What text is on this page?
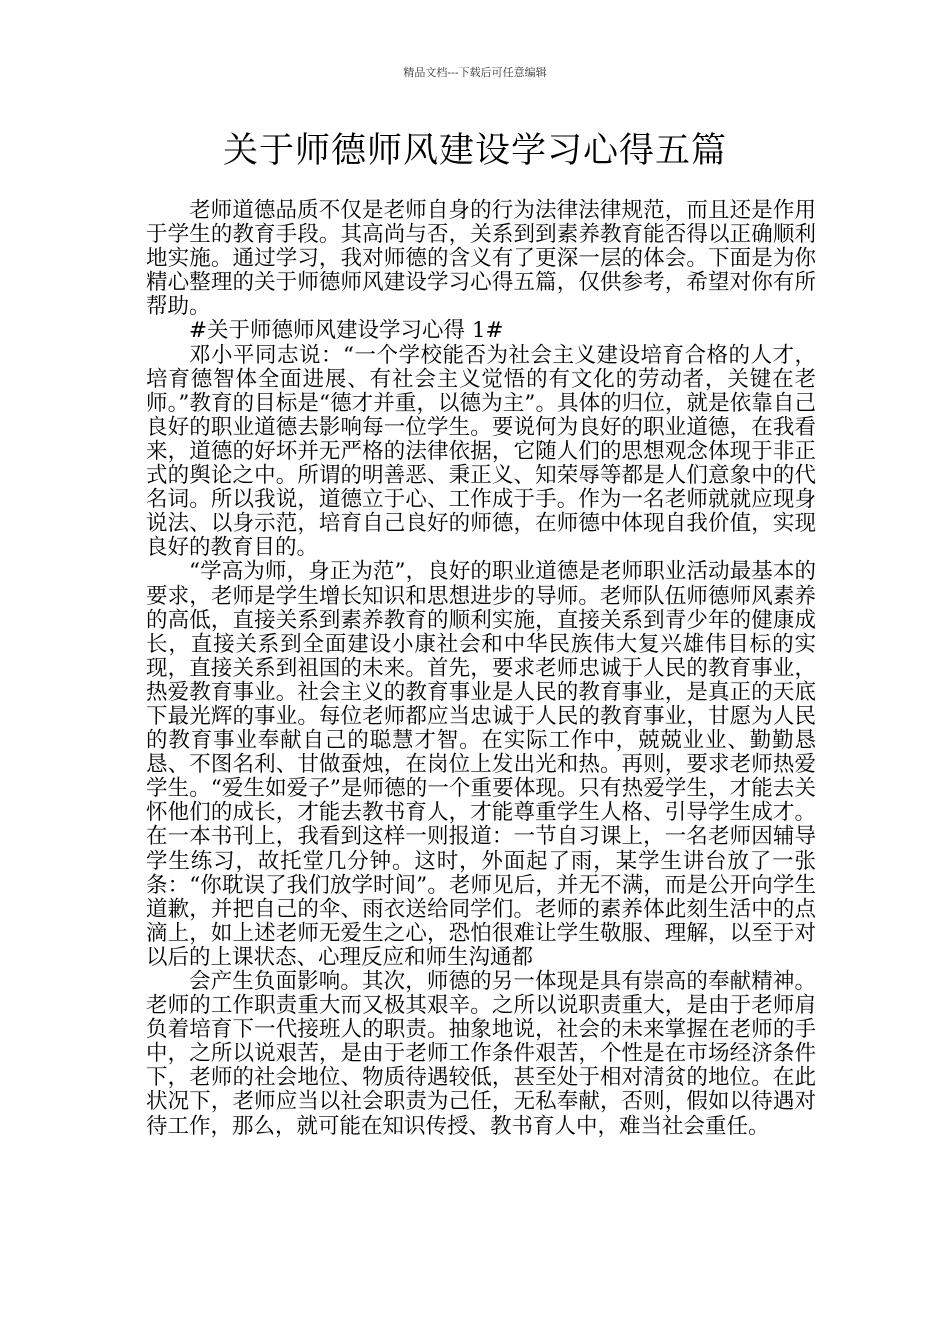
精品文档---下载后可任意编辑
关于师德师风建设学习心得五篇

老师道德品质不仅是老师自身的行为法律法律规范，而且还是作用于学生的教育手段。其高尚与否，关系到到素养教育能否得以正确顺利地实施。通过学习，我对师德的含义有了更深一层的体会。下面是为你精心整理的关于师德师风建设学习心得五篇，仅供参考，希望对你有所帮助。

#关于师德师风建设学习心得 1#

邓小平同志说：“一个学校能否为社会主义建设培育合格的人才，培育德智体全面进展、有社会主义觉悟的有文化的劳动者，关键在老师。”教育的目标是“德才并重，以德为主”。具体的归位，就是依靠自己良好的职业道德去影响每一位学生。要说何为良好的职业道德，在我看来，道德的好坏并无严格的法律依据，它随人们的思想观念体现于非正式的舆论之中。所谓的明善恶、秉正义、知荣辱等都是人们意象中的代名词。所以我说，道德立于心、工作成于手。作为一名老师就就应现身说法、以身示范，培育自己良好的师德，在师德中体现自我价值，实现良好的教育目的。

“学高为师，身正为范”，良好的职业道德是老师职业活动最基本的要求，老师是学生增长知识和思想进步的导师。老师队伍师德师风素养的高低，直接关系到素养教育的顺利实施，直接关系到青少年的健康成长，直接关系到全面建设小康社会和中华民族伟大复兴雄伟目标的实现，直接关系到祖国的未来。首先，要求老师忠诚于人民的教育事业，热爱教育事业。社会主义的教育事业是人民的教育事业，是真正的天底下最光辉的事业。每位老师都应当忠诚于人民的教育事业，甘愿为人民的教育事业奉献自己的聪慧才智。在实际工作中，兢兢业业、勤勤恳恳、不图名利、甘做蚕烛，在岗位上发出光和热。再则，要求老师热爱学生。“爱生如爱子”是师德的一个重要体现。只有热爱学生，才能去关怀他们的成长，才能去教书育人，才能尊重学生人格、引导学生成才。在一本书刊上，我看到这样一则报道：一节自习课上，一名老师因辅导学生练习，故托堂几分钟。这时，外面起了雨，某学生讲台放了一张条：“你耽误了我们放学时间”。老师见后，并无不满，而是公开向学生道歉，并把自己的伞、雨衣送给同学们。老师的素养体此刻生活中的点滴上，如上述老师无爱生之心，恐怕很难让学生敬服、理解，以至于对以后的上课状态、心理反应和师生沟通都

会产生负面影响。其次，师德的另一体现是具有崇高的奉献精神。老师的工作职责重大而又极其艰辛。之所以说职责重大，是由于老师肩负着培育下一代接班人的职责。抽象地说，社会的未来掌握在老师的手中，之所以说艰苦，是由于老师工作条件艰苦，个性是在市场经济条件下，老师的社会地位、物质待遇较低，甚至处于相对清贫的地位。在此状况下，老师应当以社会职责为己任，无私奉献，否则，假如以待遇对待工作，那么，就可能在知识传授、教书育人中，难当社会重任。
